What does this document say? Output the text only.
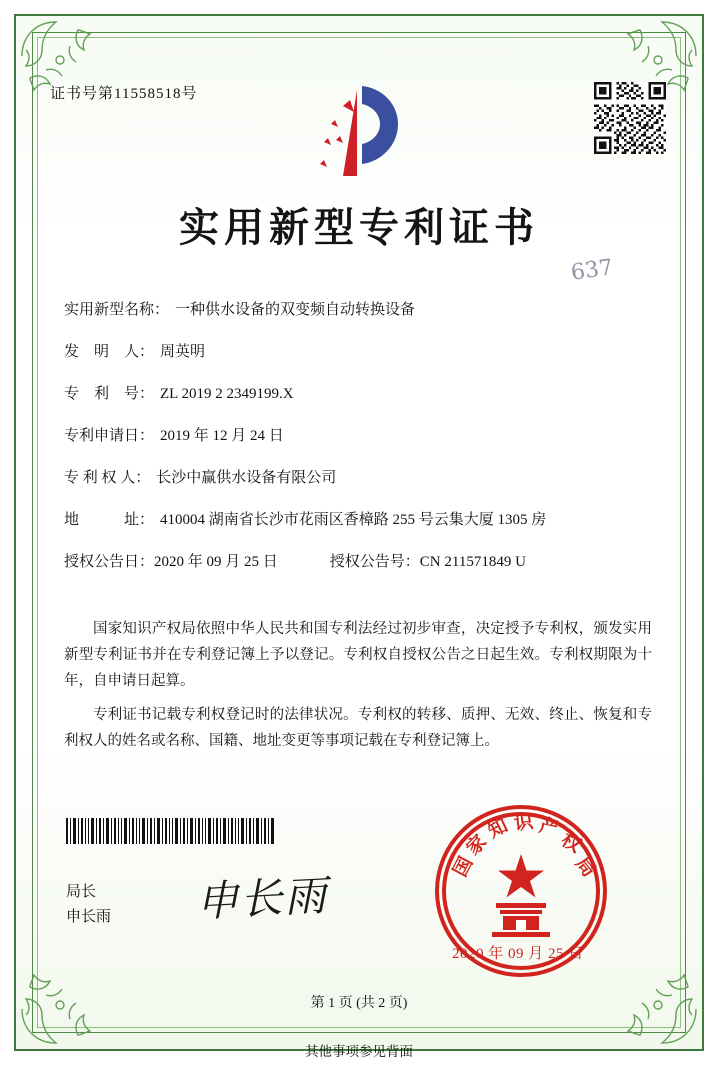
证书号第11558518号
实用新型专利证书
637
实用新型名称： 一种供水设备的双变频自动转换设备
发　明　人： 周英明
专　利　号： ZL 2019 2 2349199.X
专利申请日： 2019 年 12 月 24 日
专 利 权 人： 长沙中赢供水设备有限公司
地　　　址： 410004 湖南省长沙市花雨区香樟路 255 号云集大厦 1305 房
授权公告日： 2020 年 09 月 25 日	授权公告号： CN 211571849 U

国家知识产权局依照中华人民共和国专利法经过初步审查，决定授予专利权，颁发实用新型专利证书并在专利登记簿上予以登记。专利权自授权公告之日起生效。专利权期限为十年，自申请日起算。

专利证书记载专利权登记时的法律状况。专利权的转移、质押、无效、终止、恢复和专利权人的姓名或名称、国籍、地址变更等事项记载在专利登记簿上。

局长
申长雨 申长雨
国
家
知 识 产
权
局
2020 年 09 月 25 日
第 1 页 (共 2 页)
其他事项参见背面
